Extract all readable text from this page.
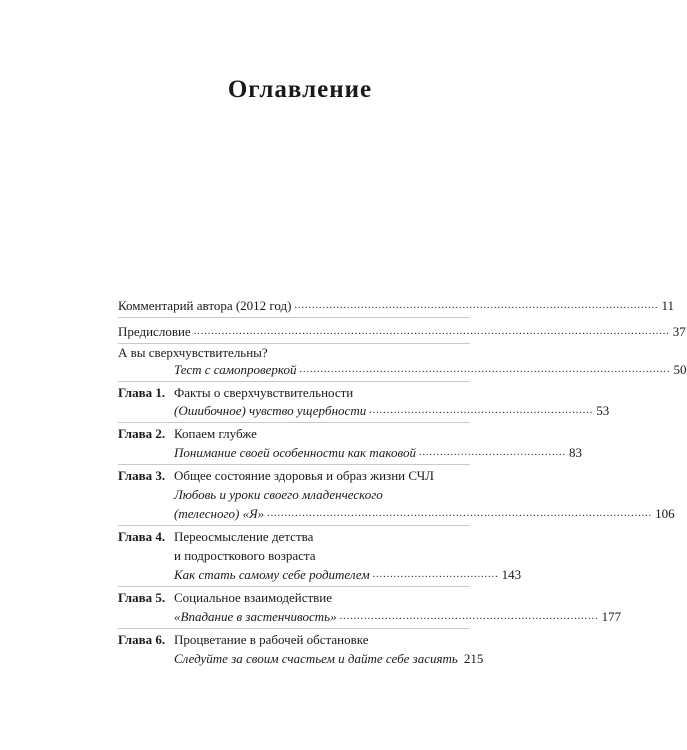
Оглавление
Комментарий автора (2012 год) ........................................................................................................ 11
Предисловие ........................................................................................................................................ 37
А вы сверхчувствительны?
Тест с самопроверкой .......................................................................................................... 50
Глава 1. Факты о сверхчувствительности
(Ошибочное) чувство ущербности ................................................................ 53
Глава 2. Копаем глубже
Понимание своей особенности как таковой .......................................... 83
Глава 3. Общее состояние здоровья и образ жизни СЧЛ
Любовь и уроки своего младенческого
(телесного) «Я» .............................................................................................................. 106
Глава 4. Переосмысление детства
и подросткового возраста
Как стать самому себе родителем .................................... 143
Глава 5. Социальное взаимодействие
«Впадание в застенчивость» .......................................................................... 177
Глава 6. Процветание в рабочей обстановке
Следуйте за своим счастьем и дайте себе засиять 215
